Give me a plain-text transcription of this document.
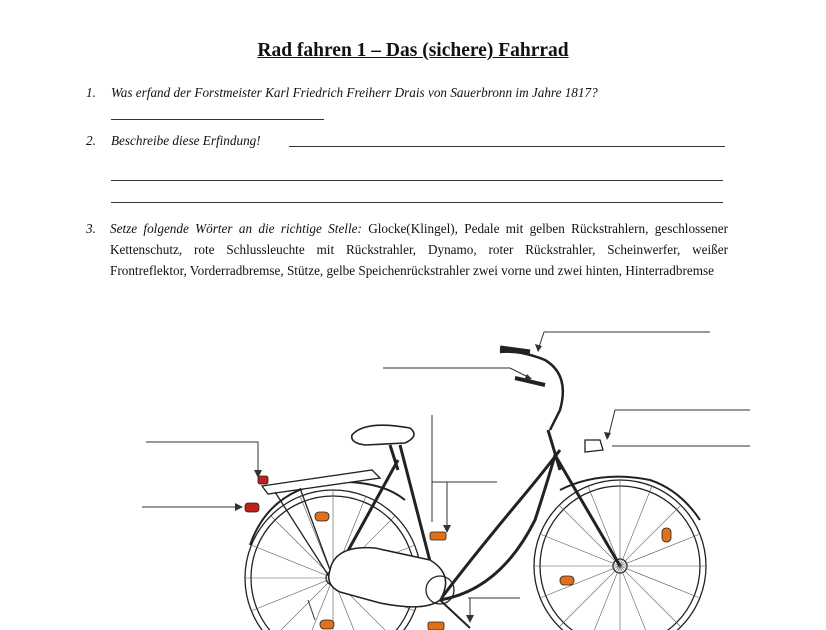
Rad fahren 1 – Das (sichere) Fahrrad
1. Was erfand der Forstmeister Karl Friedrich Freiherr Drais von Sauerbronn im Jahre 1817?
2. Beschreibe diese Erfindung!
3. Setze folgende Wörter an die richtige Stelle: Glocke(Klingel), Pedale mit gelben Rückstrahlern, geschlossener Kettenschutz, rote Schlussleuchte mit Rückstrahler, Dynamo, roter Rückstrahler, Scheinwerfer, weißer Frontreflektor, Vorderradbremse, Stütze, gelbe Speichenrückstrahler zwei vorne und zwei hinten, Hinterradbremse
